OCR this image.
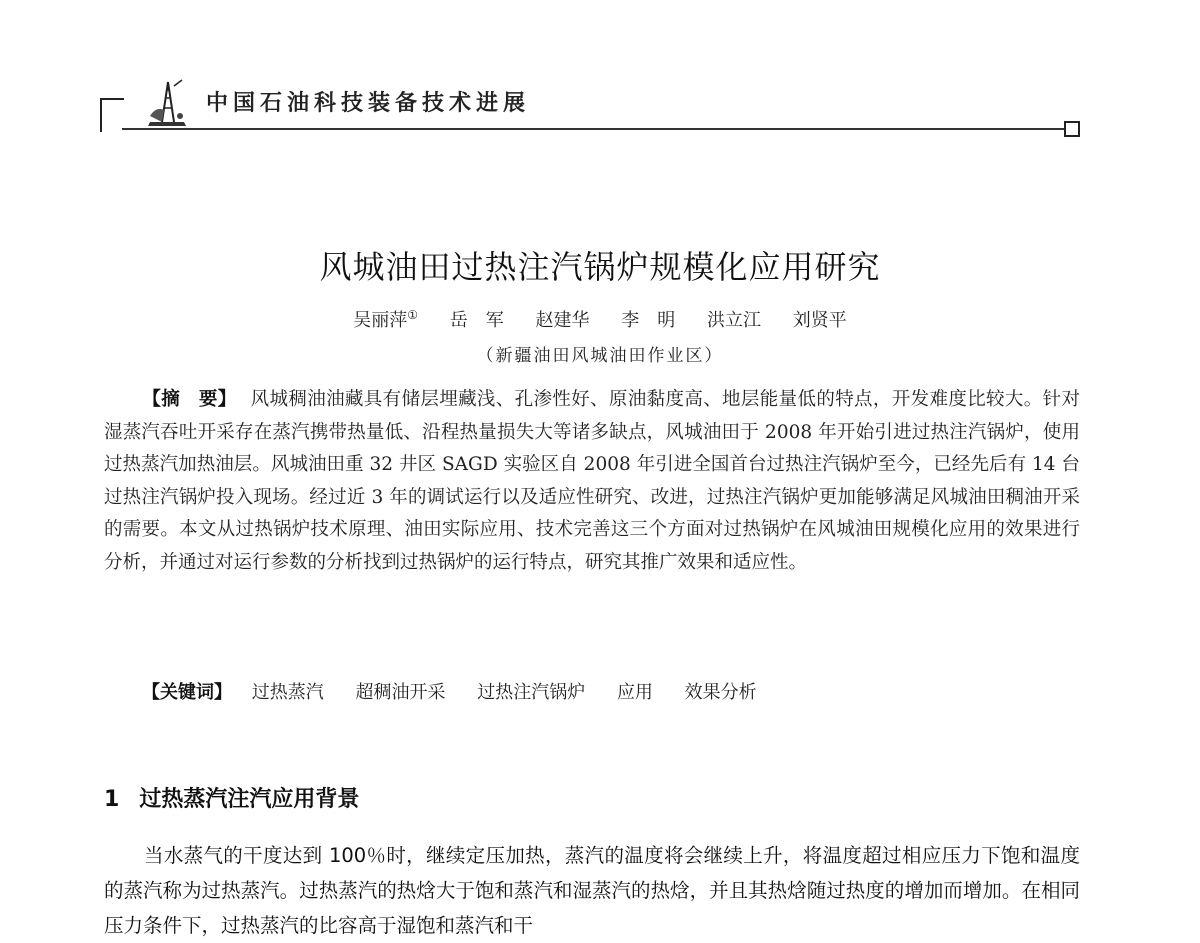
中国石油科技装备技术进展
风城油田过热注汽锅炉规模化应用研究
吴丽萍① 岳　军 赵建华 李　明 洪立江 刘贤平
（新疆油田风城油田作业区）
【摘　要】 风城稠油油藏具有储层埋藏浅、孔渗性好、原油黏度高、地层能量低的特点，开发难度比较大。针对湿蒸汽吞吐开采存在蒸汽携带热量低、沿程热量损失大等诸多缺点，风城油田于 2008 年开始引进过热注汽锅炉，使用过热蒸汽加热油层。风城油田重 32 井区 SAGD 实验区自 2008 年引进全国首台过热注汽锅炉至今，已经先后有 14 台过热注汽锅炉投入现场。经过近 3 年的调试运行以及适应性研究、改进，过热注汽锅炉更加能够满足风城油田稠油开采的需要。本文从过热锅炉技术原理、油田实际应用、技术完善这三个方面对过热锅炉在风城油田规模化应用的效果进行分析，并通过对运行参数的分析找到过热锅炉的运行特点，研究其推广效果和适应性。
【关键词】 过热蒸汽 超稠油开采 过热注汽锅炉 应用 效果分析
1 过热蒸汽注汽应用背景
当水蒸气的干度达到 100％时，继续定压加热，蒸汽的温度将会继续上升，将温度超过相应压力下饱和温度的蒸汽称为过热蒸汽。过热蒸汽的热焓大于饱和蒸汽和湿蒸汽的热焓，并且其热焓随过热度的增加而增加。在相同压力条件下，过热蒸汽的比容高于湿饱和蒸汽和干
